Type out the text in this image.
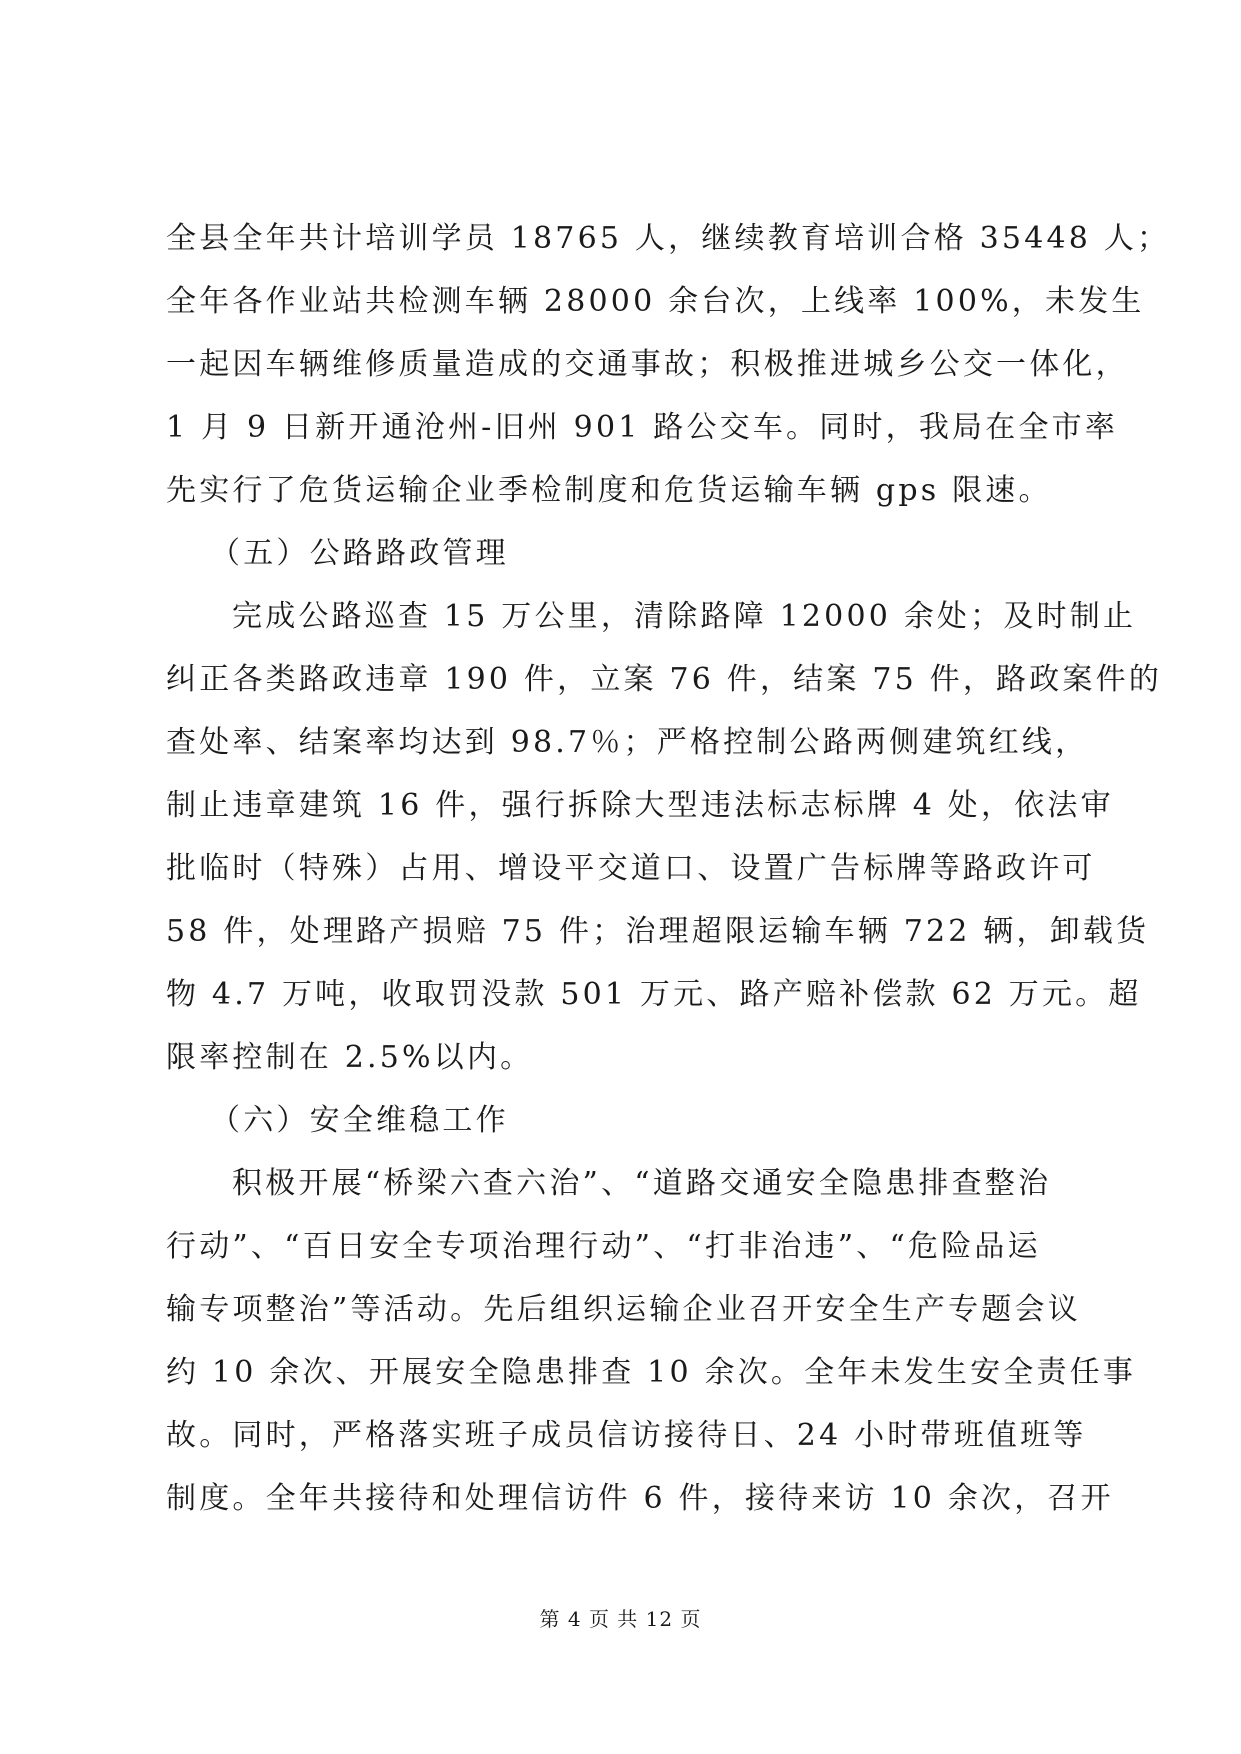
全县全年共计培训学员 18765 人，继续教育培训合格 35448 人；
全年各作业站共检测车辆 28000 余台次，上线率 100%，未发生
一起因车辆维修质量造成的交通事故；积极推进城乡公交一体化，
1 月 9 日新开通沧州-旧州 901 路公交车。同时，我局在全市率
先实行了危货运输企业季检制度和危货运输车辆 gps 限速。
（五）公路路政管理
完成公路巡查 15 万公里，清除路障 12000 余处；及时制止
纠正各类路政违章 190 件，立案 76 件，结案 75 件，路政案件的
查处率、结案率均达到 98.7％；严格控制公路两侧建筑红线，
制止违章建筑 16 件，强行拆除大型违法标志标牌 4 处，依法审
批临时（特殊）占用、增设平交道口、设置广告标牌等路政许可
58 件，处理路产损赔 75 件；治理超限运输车辆 722 辆，卸载货
物 4.7 万吨，收取罚没款 501 万元、路产赔补偿款 62 万元。超
限率控制在 2.5%以内。
（六）安全维稳工作
积极开展“桥梁六查六治”、“道路交通安全隐患排查整治
行动”、“百日安全专项治理行动”、“打非治违”、“危险品运
输专项整治”等活动。先后组织运输企业召开安全生产专题会议
约 10 余次、开展安全隐患排查 10 余次。全年未发生安全责任事
故。同时，严格落实班子成员信访接待日、24 小时带班值班等
制度。全年共接待和处理信访件 6 件，接待来访 10 余次，召开
第 4 页 共 12 页
